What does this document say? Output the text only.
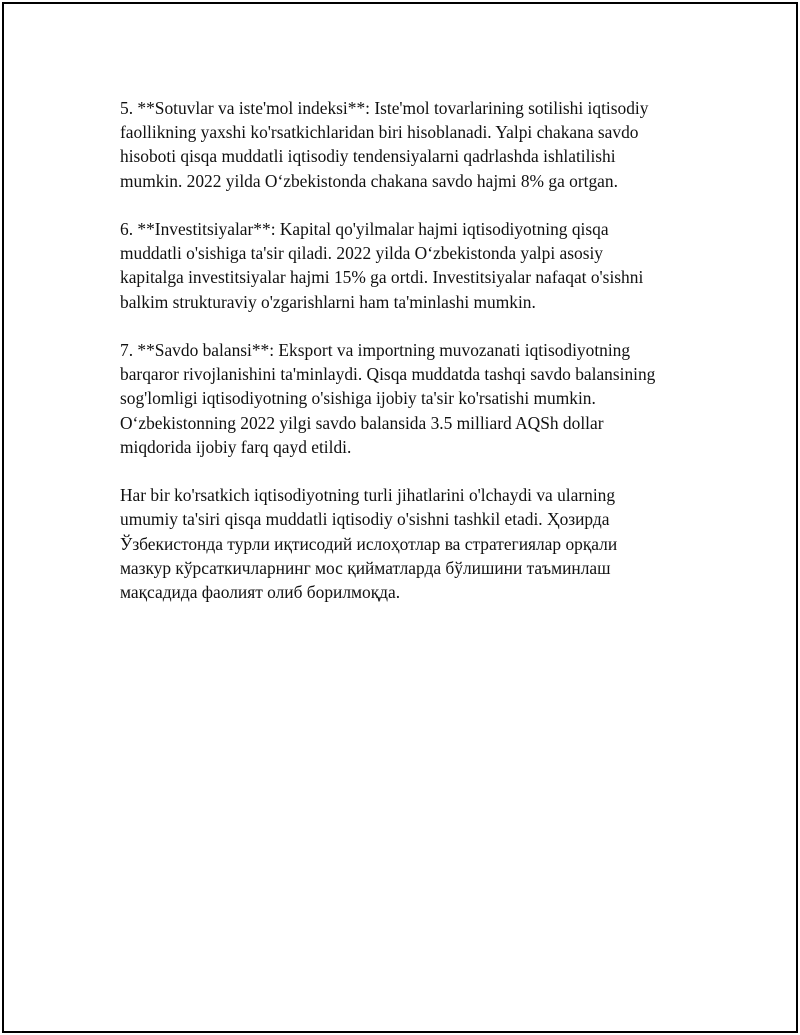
5. **Sotuvlar va iste'mol indeksi**: Iste'mol tovarlarining sotilishi iqtisodiy
faollikning yaxshi ko'rsatkichlaridan biri hisoblanadi. Yalpi chakana savdo
hisoboti qisqa muddatli iqtisodiy tendensiyalarni qadrlashda ishlatilishi
mumkin. 2022 yilda Oʻzbekistonda chakana savdo hajmi 8% ga ortgan.

6. **Investitsiyalar**: Kapital qo'yilmalar hajmi iqtisodiyotning qisqa
muddatli o'sishiga ta'sir qiladi. 2022 yilda Oʻzbekistonda yalpi asosiy
kapitalga investitsiyalar hajmi 15% ga ortdi. Investitsiyalar nafaqat o'sishni
balkim strukturaviy o'zgarishlarni ham ta'minlashi mumkin.

7. **Savdo balansi**: Eksport va importning muvozanati iqtisodiyotning
barqaror rivojlanishini ta'minlaydi. Qisqa muddatda tashqi savdo balansining
sog'lomligi iqtisodiyotning o'sishiga ijobiy ta'sir ko'rsatishi mumkin.
Oʻzbekistonning 2022 yilgi savdo balansida 3.5 milliard AQSh dollar
miqdorida ijobiy farq qayd etildi.

Har bir ko'rsatkich iqtisodiyotning turli jihatlarini o'lchaydi va ularning
umumiy ta'siri qisqa muddatli iqtisodiy o'sishni tashkil etadi. Ҳозирда
Ўзбекистонда турли иқтисодий ислоҳотлар ва стратегиялар орқали
мазкур кўрсаткичларнинг мос қийматларда бўлишини таъминлаш
мақсадида фаолият олиб борилмоқда.
